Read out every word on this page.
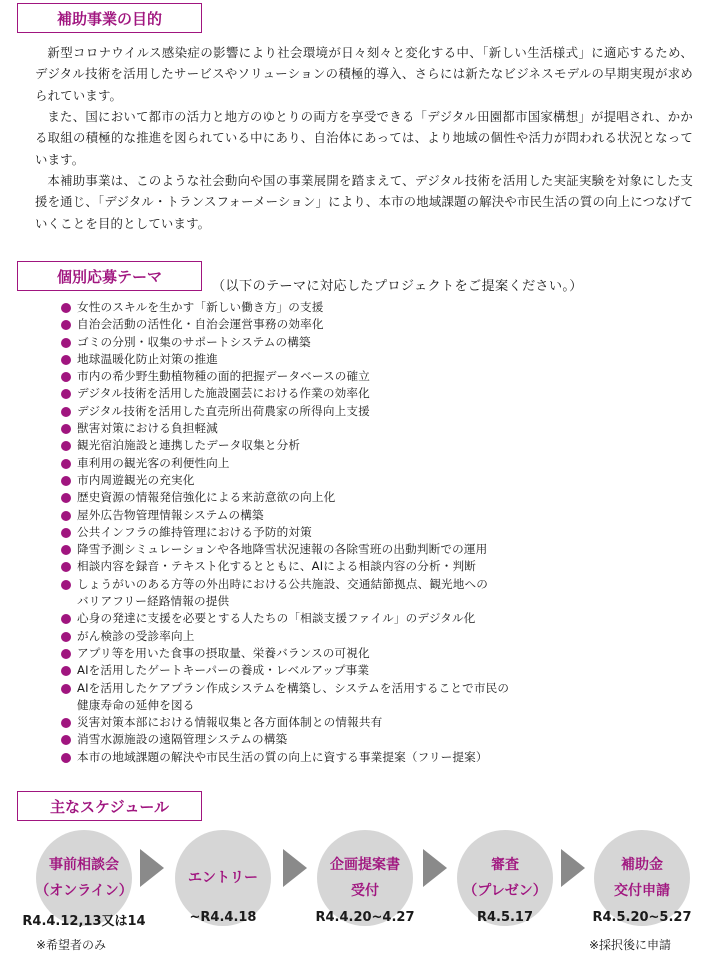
補助事業の目的

新型コロナウイルス感染症の影響により社会環境が日々刻々と変化する中、「新しい生活様式」に適応するため、デジタル技術を活用したサービスやソリューションの積極的導入、さらには新たなビジネスモデルの早期実現が求められています。

また、国において都市の活力と地方のゆとりの両方を享受できる「デジタル田園都市国家構想」が提唱され、かかる取組の積極的な推進を図られている中にあり、自治体にあっては、より地域の個性や活力が問われる状況となっています。

本補助事業は、このような社会動向や国の事業展開を踏まえて、デジタル技術を活用した実証実験を対象にした支援を通じ、「デジタル・トランスフォーメーション」により、本市の地域課題の解決や市民生活の質の向上につなげていくことを目的としています。

個別応募テーマ
（以下のテーマに対応したプロジェクトをご提案ください。）
女性のスキルを生かす「新しい働き方」の支援
自治会活動の活性化・自治会運営事務の効率化
ゴミの分別・収集のサポートシステムの構築
地球温暖化防止対策の推進
市内の希少野生動植物種の面的把握データベースの確立
デジタル技術を活用した施設園芸における作業の効率化
デジタル技術を活用した直売所出荷農家の所得向上支援
獣害対策における負担軽減
観光宿泊施設と連携したデータ収集と分析
車利用の観光客の利便性向上
市内周遊観光の充実化
歴史資源の情報発信強化による来訪意欲の向上化
屋外広告物管理情報システムの構築
公共インフラの維持管理における予防的対策
降雪予測シミュレーションや各地降雪状況速報の各除雪班の出動判断での運用
相談内容を録音・テキスト化するとともに、AIによる相談内容の分析・判断
しょうがいのある方等の外出時における公共施設、交通結節拠点、観光地への
バリアフリー経路情報の提供
心身の発達に支援を必要とする人たちの「相談支援ファイル」のデジタル化
がん検診の受診率向上
アプリ等を用いた食事の摂取量、栄養バランスの可視化
AIを活用したゲートキーパーの養成・レベルアップ事業
AIを活用したケアプラン作成システムを構築し、システムを活用することで市民の
健康寿命の延伸を図る
災害対策本部における情報収集と各方面体制との情報共有
消雪水源施設の遠隔管理システムの構築
本市の地域課題の解決や市民生活の質の向上に資する事業提案（フリー提案）
主なスケジュール
事前相談会
（オンライン）
エントリー
企画提案書
受付
審査
（プレゼン）
補助金
交付申請
R4.4.12,13又は14	~R4.4.18	R4.4.20~4.27	R4.5.17	R4.5.20~5.27
※希望者のみ	※採択後に申請
